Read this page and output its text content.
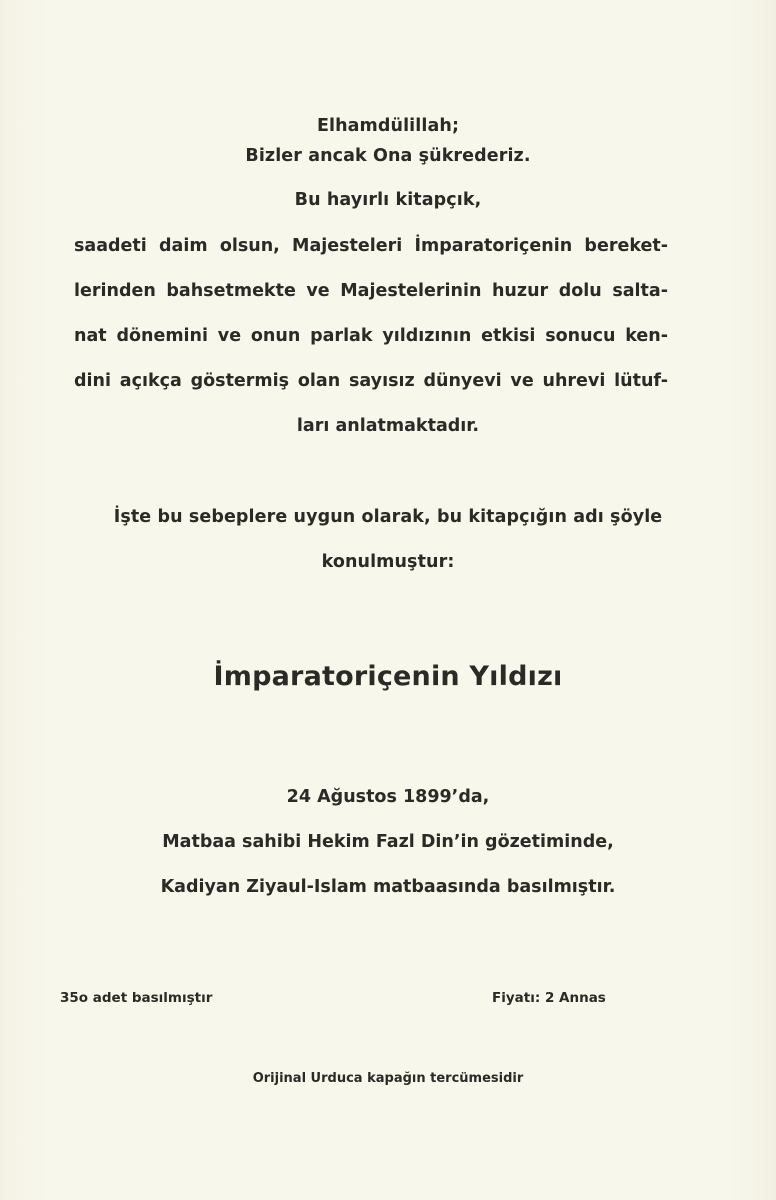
Elhamdülillah;
Bizler ancak Ona şükrederiz.
Bu hayırlı kitapçık,
saadeti daim olsun, Majesteleri İmparatoriçenin bereket-
lerinden bahsetmekte ve Majestelerinin huzur dolu salta-
nat dönemini ve onun parlak yıldızının etkisi sonucu ken-
dini açıkça göstermiş olan sayısız dünyevi ve uhrevi lütuf-
ları anlatmaktadır.
İşte bu sebeplere uygun olarak, bu kitapçığın adı şöyle
konulmuştur:
İmparatoriçenin Yıldızı
24 Ağustos 1899’da,
Matbaa sahibi Hekim Fazl Din’in gözetiminde,
Kadiyan Ziyaul-Islam matbaasında basılmıştır.
35o adet basılmıştır	Fiyatı: 2 Annas
Orijinal Urduca kapağın tercümesidir
